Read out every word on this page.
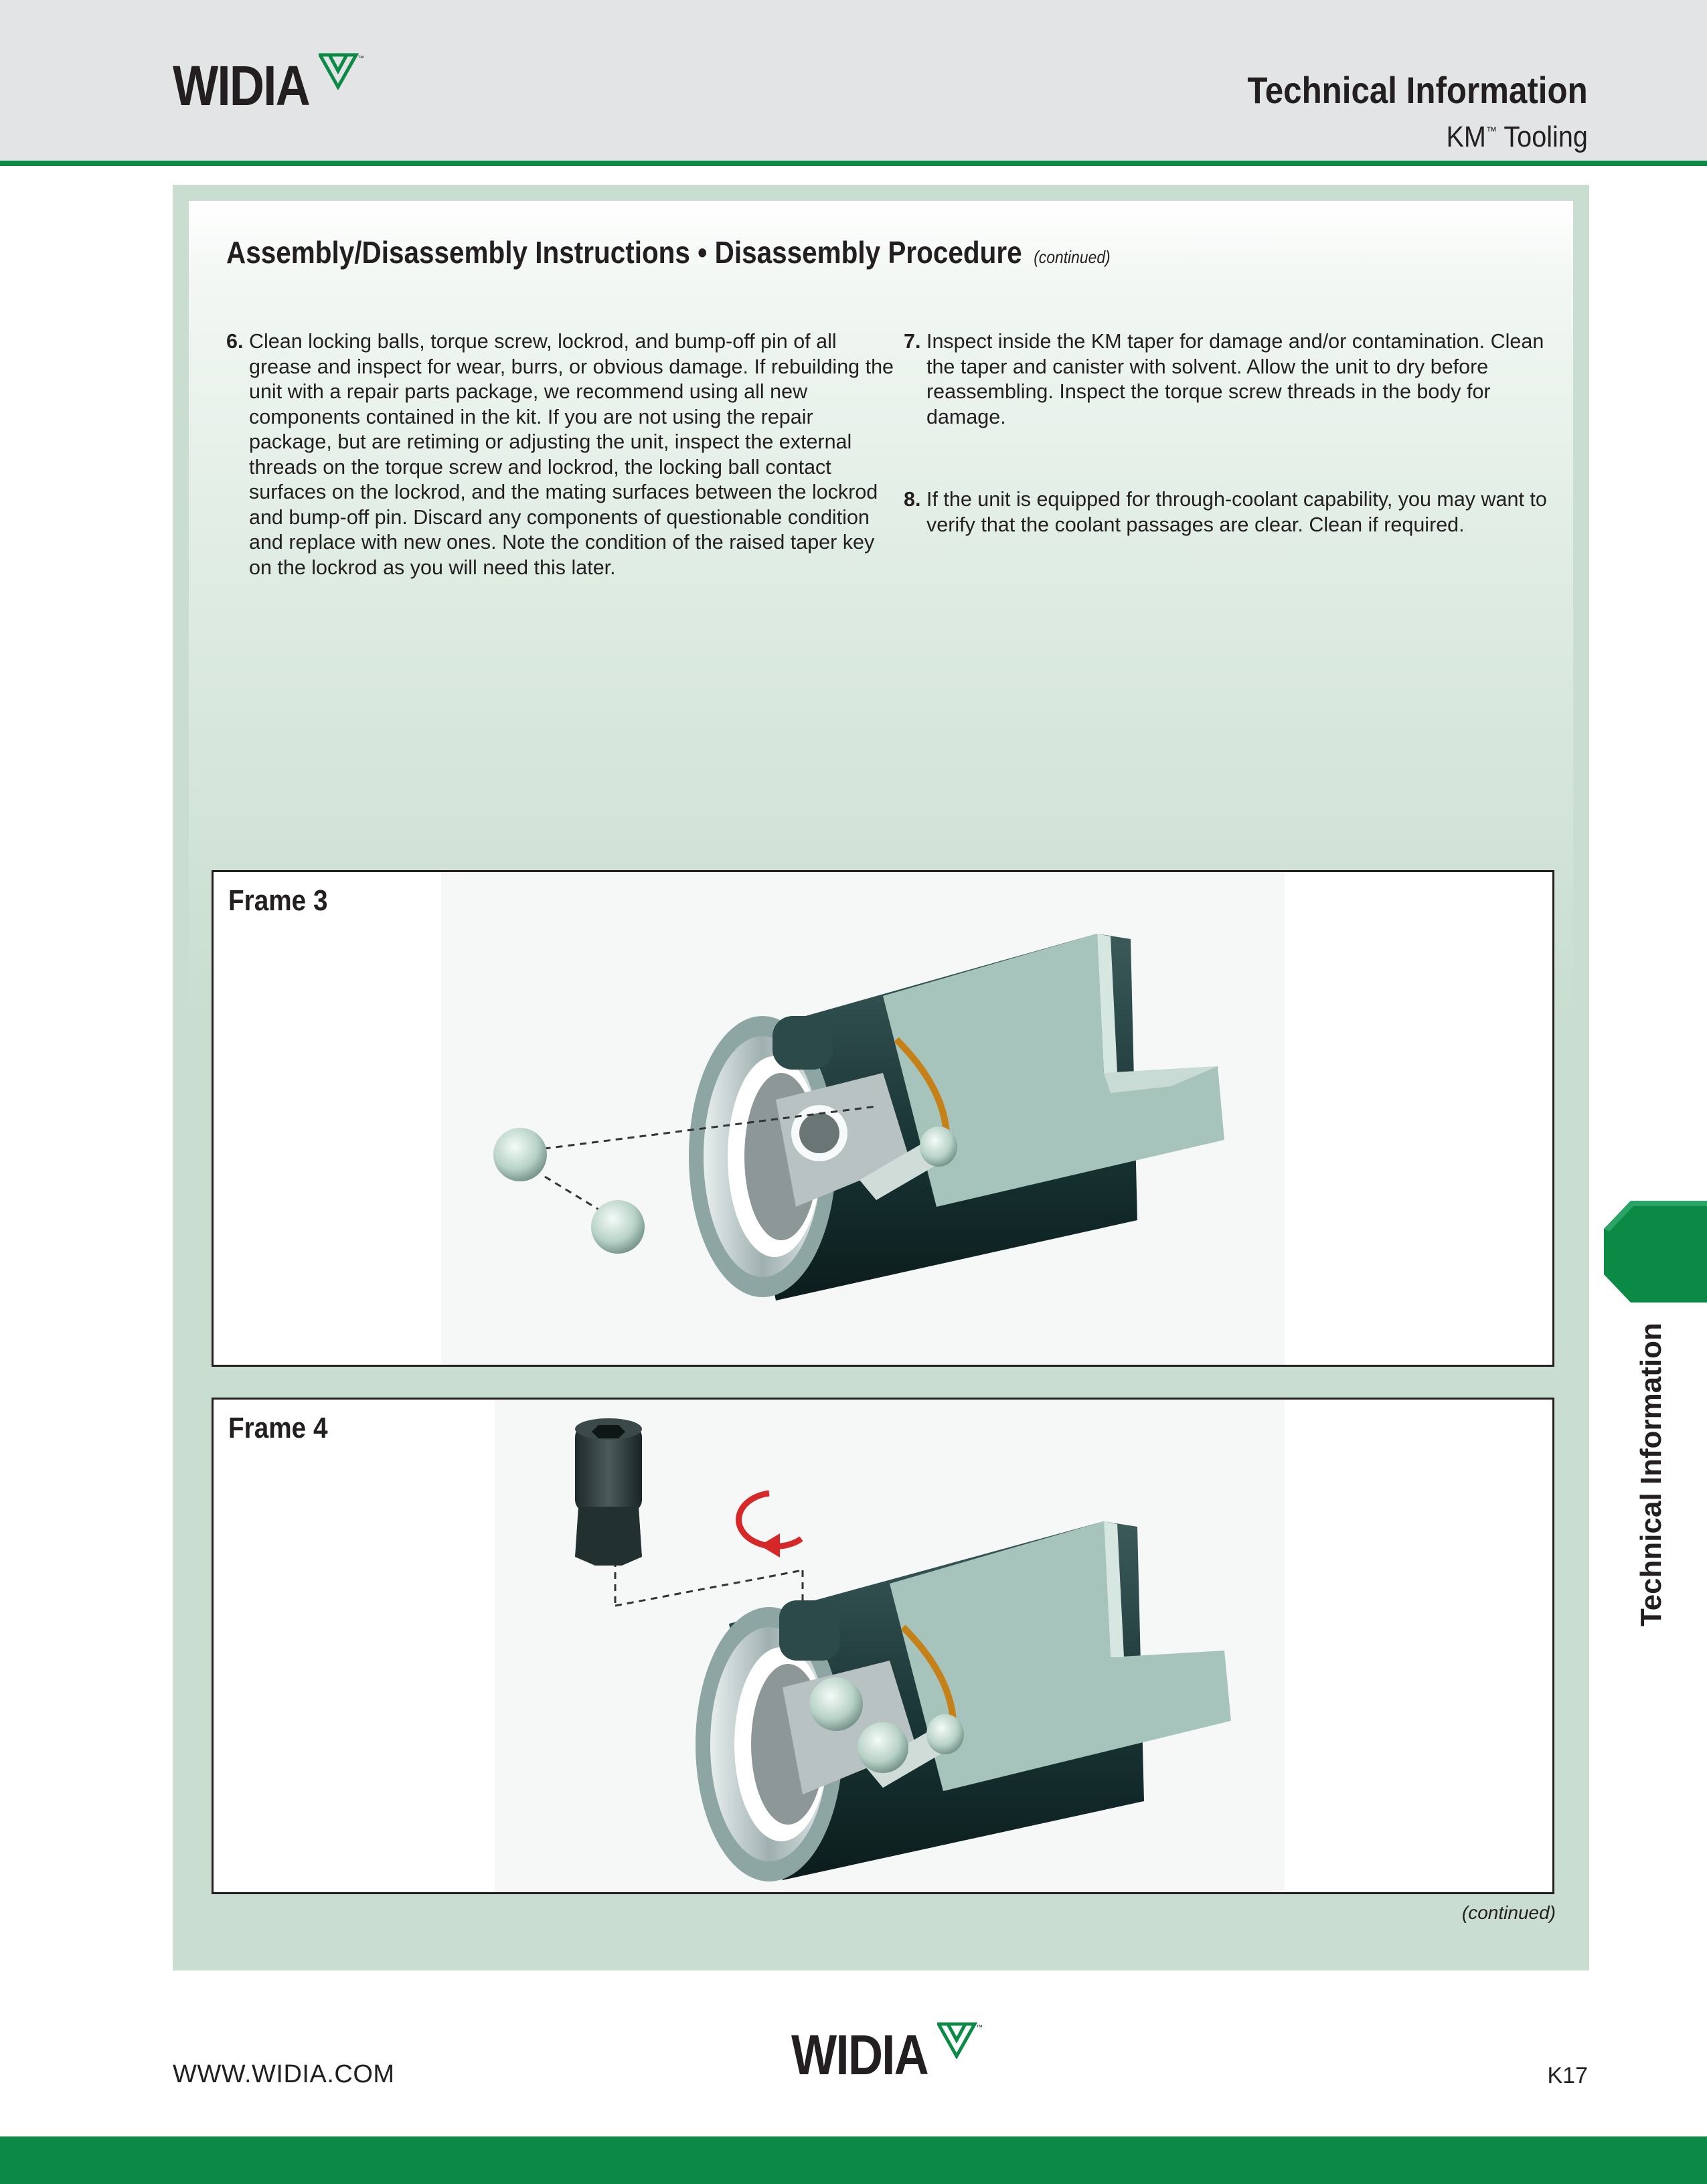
WIDIA	™
Technical Information
KM™ Tooling
Assembly/Disassembly Instructions • Disassembly Procedure (continued)
6. Clean locking balls, torque screw, lockrod, and bump-off pin of all grease and inspect for wear, burrs, or obvious damage. If rebuilding the unit with a repair parts package, we recommend using all new components contained in the kit. If you are not using the repair package, but are retiming or adjusting the unit, inspect the external threads on the torque screw and lockrod, the locking ball contact surfaces on the lockrod, and the mating surfaces between the lockrod and bump-off pin. Discard any components of questionable condition and replace with new ones. Note the condition of the raised taper key on the lockrod as you will need this later.
7. Inspect inside the KM taper for damage and/or contamination. Clean the taper and canister with solvent. Allow the unit to dry before reassembling. Inspect the torque screw threads in the body for damage.
8. If the unit is equipped for through-coolant capability, you may want to verify that the coolant passages are clear. Clean if required.
Frame 3
Frame 4
(continued)
Technical Information
WWW.WIDIA.COM	WIDIA	™
K17
